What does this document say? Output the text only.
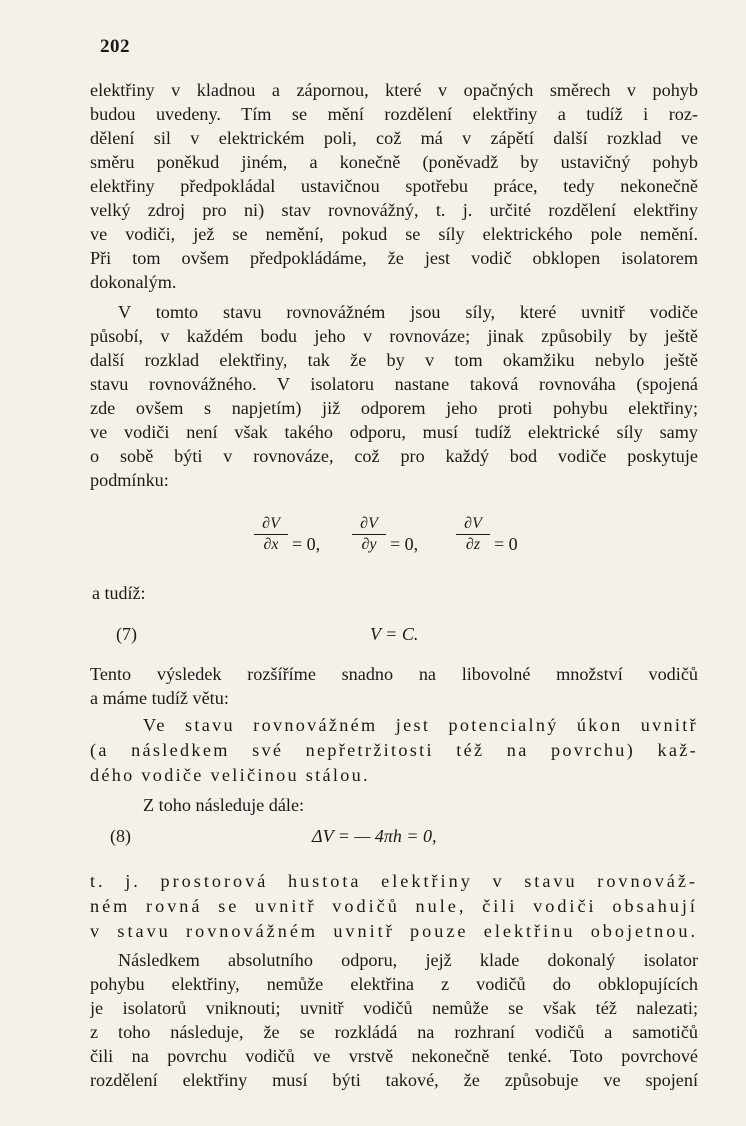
202
elektřiny v kladnou a zápornou, které v opačných směrech v pohyb
budou uvedeny. Tím se mění rozdělení elektřiny a tudíž i roz-
dělení sil v elektrickém poli, což má v zápětí další rozklad ve
směru poněkud jiném, a konečně (poněvadž by ustavičný pohyb
elektřiny předpokládal ustavičnou spotřebu práce, tedy nekonečně
velký zdroj pro ni) stav rovnovážný, t. j. určité rozdělení elektřiny
ve vodiči, jež se nemění, pokud se síly elektrického pole nemění.
Při tom ovšem předpokládáme, že jest vodič obklopen isolatorem
dokonalým.
V tomto stavu rovnovážném jsou síly, které uvnitř vodiče
působí, v každém bodu jeho v rovnováze; jinak způsobily by ještě
další rozklad elektřiny, tak že by v tom okamžiku nebylo ještě
stavu rovnovážného. V isolatoru nastane taková rovnováha (spojená
zde ovšem s napjetím) již odporem jeho proti pohybu elektřiny;
ve vodiči není však takého odporu, musí tudíž elektrické síly samy
o sobě býti v rovnováze, což pro každý bod vodiče poskytuje
podmínku:
∂V
∂x = 0,
∂V
∂y = 0,
∂V
∂z = 0
a tudíž:
(7)	V = C.
Tento výsledek rozšíříme snadno na libovolné množství vodičů
a máme tudíž větu:
Ve stavu rovnovážném jest potencialný úkon uvnitř
(a následkem své nepřetržitosti též na povrchu) kaž-
dého vodiče veličinou stálou.
Z toho následuje dále:
(8)	ΔV = — 4πh = 0,
t. j. prostorová hustota elektřiny v stavu rovnováž-
ném rovná se uvnitř vodičů nule, čili vodiči obsahují
v stavu rovnovážném uvnitř pouze elektřinu obojetnou.
Následkem absolutního odporu, jejž klade dokonalý isolator
pohybu elektřiny, nemůže elektřina z vodičů do obklopujících
je isolatorů vniknouti; uvnitř vodičů nemůže se však též nalezati;
z toho následuje, že se rozkládá na rozhraní vodičů a samotičů
čili na povrchu vodičů ve vrstvě nekonečně tenké. Toto povrchové
rozdělení elektřiny musí býti takové, že způsobuje ve spojení
